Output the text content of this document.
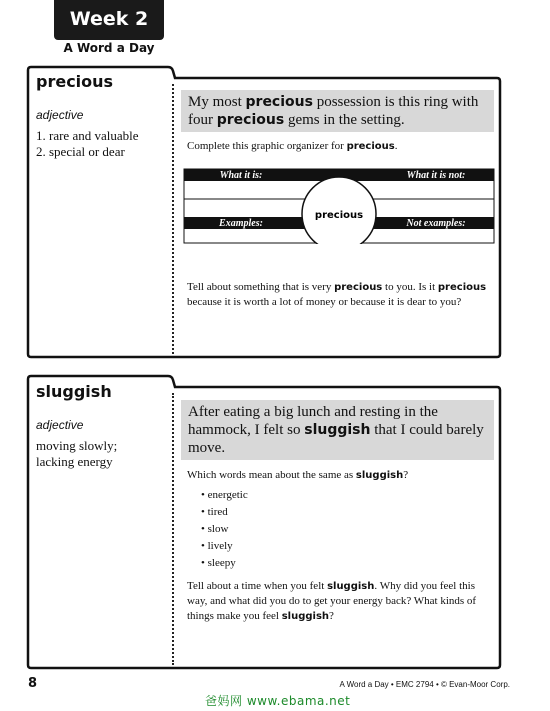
Week 2
A Word a Day
precious
adjective
1. rare and valuable
2. special or dear
My most precious possession is this ring with four precious gems in the setting.
Complete this graphic organizer for precious.
What it is:	What it is not:
Examples:	Not examples:
precious
Tell about something that is very precious to you. Is it precious because it is worth a lot of money or because it is dear to you?
sluggish
adjective
moving slowly;
lacking energy
After eating a big lunch and resting in the hammock, I felt so sluggish that I could barely move.
Which words mean about the same as sluggish?
• energetic
• tired
• slow
• lively
• sleepy
Tell about a time when you felt sluggish. Why did you feel this way, and what did you do to get your energy back? What kinds of things make you feel sluggish?
8	A Word a Day • EMC 2794 • © Evan-Moor Corp.
爸妈网 www.ebama.net
